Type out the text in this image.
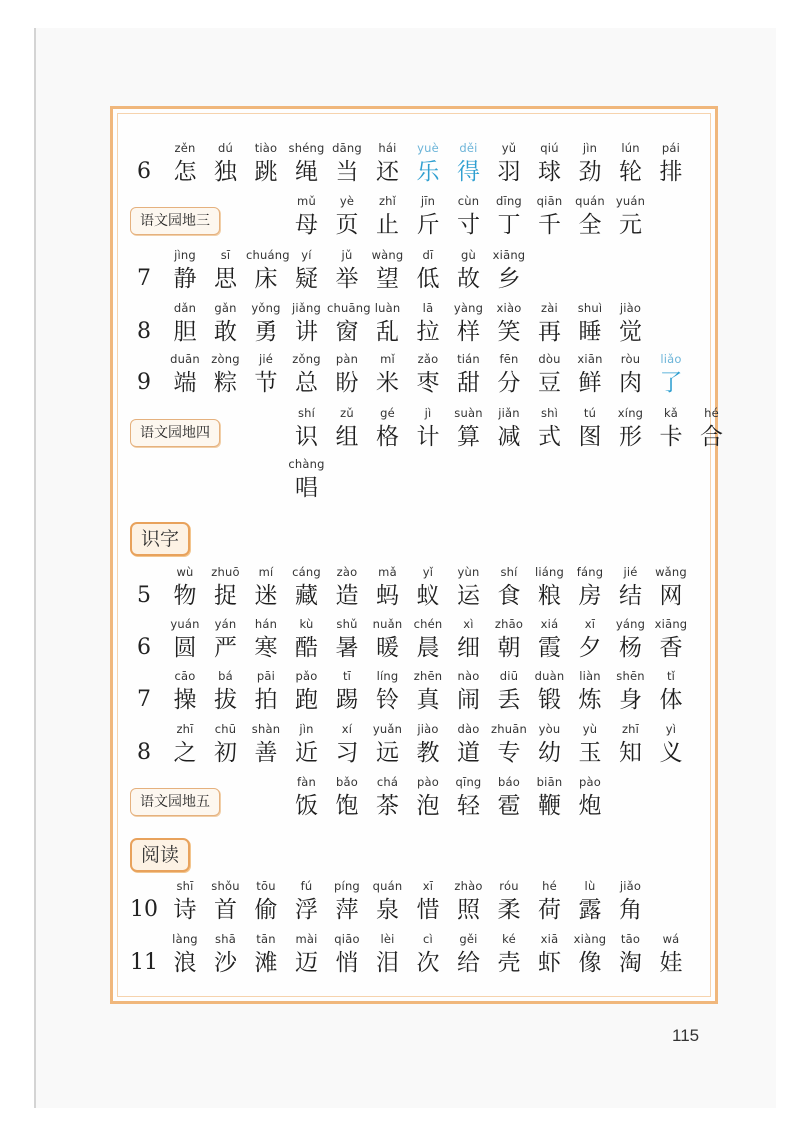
识字
阅读
6
zěn
怎
dú
独
tiào
跳
shéng
绳
dāng
当
hái
还
yuè
乐
děi
得
yǔ
羽
qiú
球
jìn
劲
lún
轮
pái
排
语文园地三
mǔ
母
yè
页
zhǐ
止
jīn
斤
cùn
寸
dīng
丁
qiān
千
quán
全
yuán
元
7
jìng
静
sī
思
chuáng
床
yí
疑
jǔ
举
wàng
望
dī
低
gù
故
xiāng
乡
8
dǎn
胆
gǎn
敢
yǒng
勇
jiǎng
讲
chuāng
窗
luàn
乱
lā
拉
yàng
样
xiào
笑
zài
再
shuì
睡
jiào
觉
9
duān
端
zòng
粽
jié
节
zǒng
总
pàn
盼
mǐ
米
zǎo
枣
tián
甜
fēn
分
dòu
豆
xiān
鲜
ròu
肉
liǎo
了
语文园地四
shí
识
zǔ
组
gé
格
jì
计
suàn
算
jiǎn
减
shì
式
tú
图
xíng
形
kǎ
卡
hé
合
chàng
唱
5
wù
物
zhuō
捉
mí
迷
cáng
藏
zào
造
mǎ
蚂
yǐ
蚁
yùn
运
shí
食
liáng
粮
fáng
房
jié
结
wǎng
网
6
yuán
圆
yán
严
hán
寒
kù
酷
shǔ
暑
nuǎn
暖
chén
晨
xì
细
zhāo
朝
xiá
霞
xī
夕
yáng
杨
xiāng
香
7
cāo
操
bá
拔
pāi
拍
pǎo
跑
tī
踢
líng
铃
zhēn
真
nào
闹
diū
丢
duàn
锻
liàn
炼
shēn
身
tǐ
体
8
zhī
之
chū
初
shàn
善
jìn
近
xí
习
yuǎn
远
jiào
教
dào
道
zhuān
专
yòu
幼
yù
玉
zhī
知
yì
义
语文园地五
fàn
饭
bǎo
饱
chá
茶
pào
泡
qīng
轻
báo
雹
biān
鞭
pào
炮
10
shī
诗
shǒu
首
tōu
偷
fú
浮
píng
萍
quán
泉
xī
惜
zhào
照
róu
柔
hé
荷
lù
露
jiǎo
角
11
làng
浪
shā
沙
tān
滩
mài
迈
qiāo
悄
lèi
泪
cì
次
gěi
给
ké
壳
xiā
虾
xiàng
像
tāo
淘
wá
娃
115
